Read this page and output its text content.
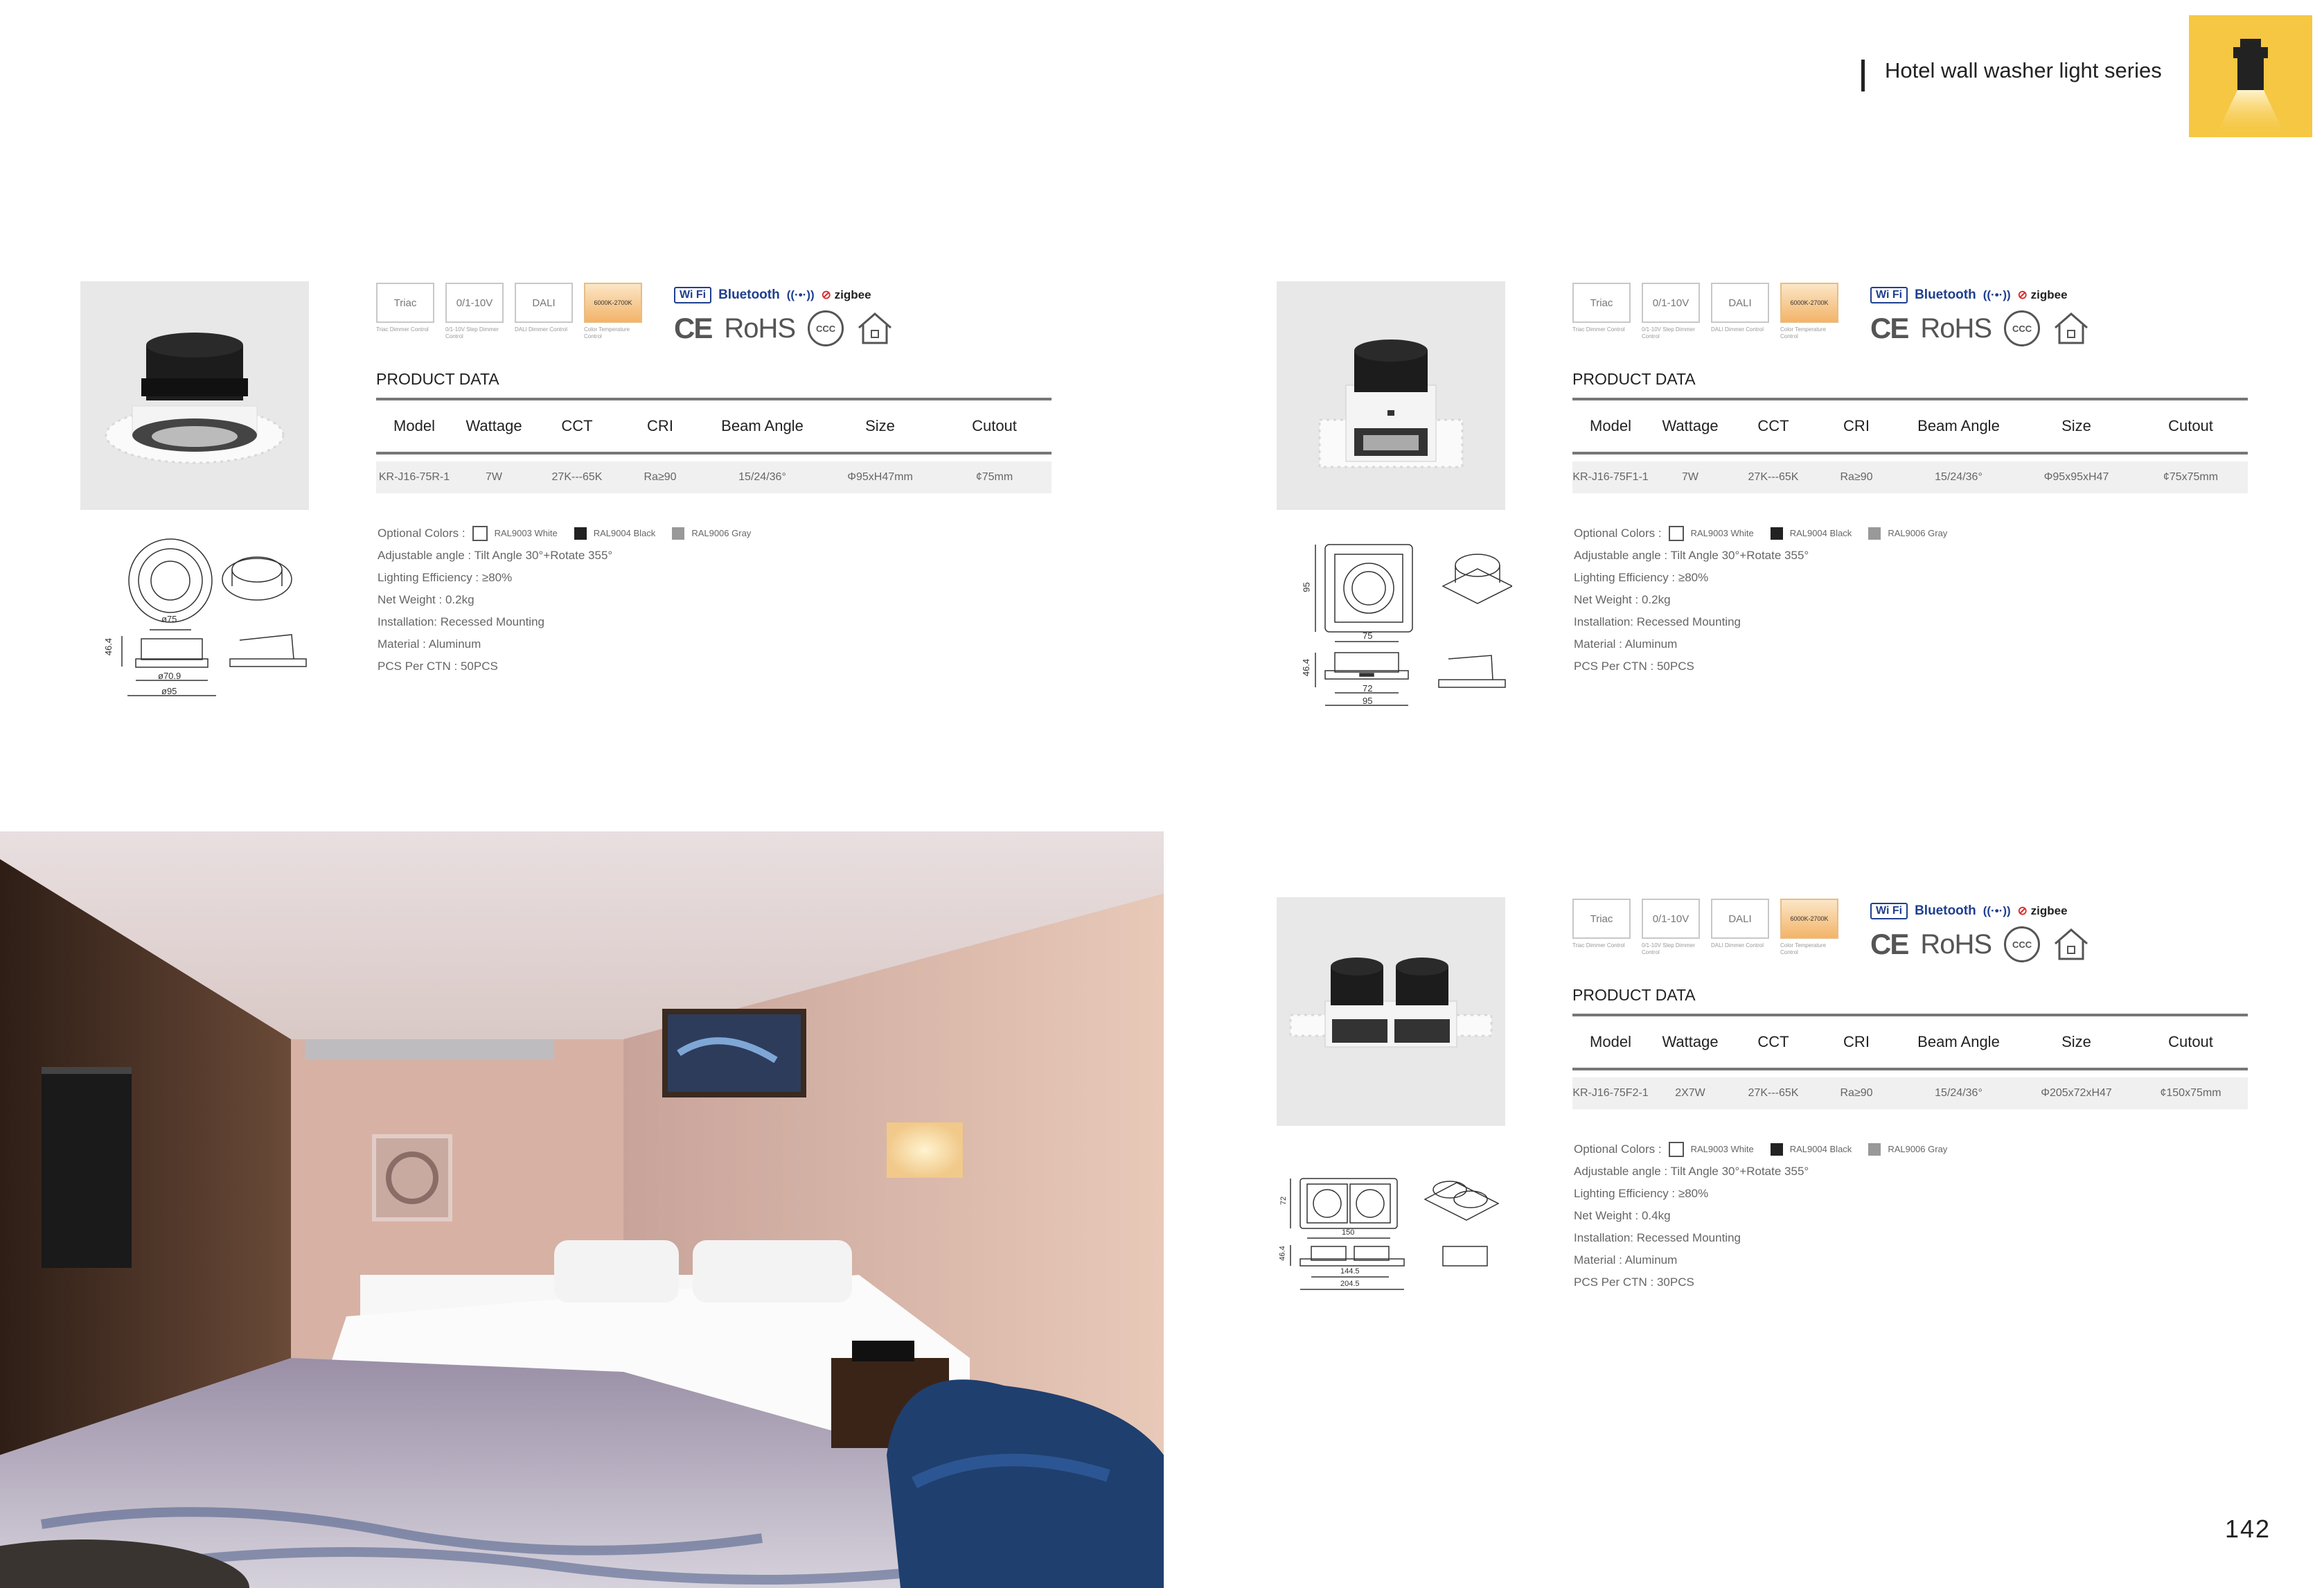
Hotel wall washer light series
ø75
46.4
ø70.9
ø95
Triac
Triac Dimmer Control
0/1-10V
0/1-10V Step Dimmer Control
DALI
DALI Dimmer Control
6000K-2700K
Color Temperature Control
Wi Fi Bluetooth ((·•·)) ⊘ zigbee
CE RoHS	CCC
PRODUCT DATA
Model	Wattage	CCT	CRI	Beam Angle	Size	Cutout
KR-J16-75R-1	7W	27K---65K	Ra≥90	15/24/36°	Φ95xH47mm	¢75mm
Optional Colors :	RAL9003 White	RAL9004 Black	RAL9006 Gray
Adjustable angle : Tilt Angle 30°+Rotate 355°
Lighting Efficiency : ≥80%
Net Weight : 0.2kg
Installation: Recessed Mounting
Material : Aluminum
PCS Per CTN : 50PCS
95
75
46.4
72
95
Triac
Triac Dimmer Control
0/1-10V
0/1-10V Step Dimmer Control
DALI
DALI Dimmer Control
6000K-2700K
Color Temperature Control
Wi Fi Bluetooth ((·•·)) ⊘ zigbee
CE RoHS	CCC
PRODUCT DATA
Model	Wattage	CCT	CRI	Beam Angle	Size	Cutout
KR-J16-75F1-1	7W	27K---65K	Ra≥90	15/24/36°	Φ95x95xH47	¢75x75mm
Optional Colors :	RAL9003 White	RAL9004 Black	RAL9006 Gray
Adjustable angle : Tilt Angle 30°+Rotate 355°
Lighting Efficiency : ≥80%
Net Weight : 0.2kg
Installation: Recessed Mounting
Material : Aluminum
PCS Per CTN : 50PCS
72
150
46.4
144.5
204.5
Triac
Triac Dimmer Control
0/1-10V
0/1-10V Step Dimmer Control
DALI
DALI Dimmer Control
6000K-2700K
Color Temperature Control
Wi Fi Bluetooth ((·•·)) ⊘ zigbee
CE RoHS	CCC
PRODUCT DATA
Model	Wattage	CCT	CRI	Beam Angle	Size	Cutout
KR-J16-75F2-1	2X7W	27K---65K	Ra≥90	15/24/36°	Φ205x72xH47	¢150x75mm
Optional Colors :	RAL9003 White	RAL9004 Black	RAL9006 Gray
Adjustable angle : Tilt Angle 30°+Rotate 355°
Lighting Efficiency : ≥80%
Net Weight : 0.4kg
Installation: Recessed Mounting
Material : Aluminum
PCS Per CTN : 30PCS
142
